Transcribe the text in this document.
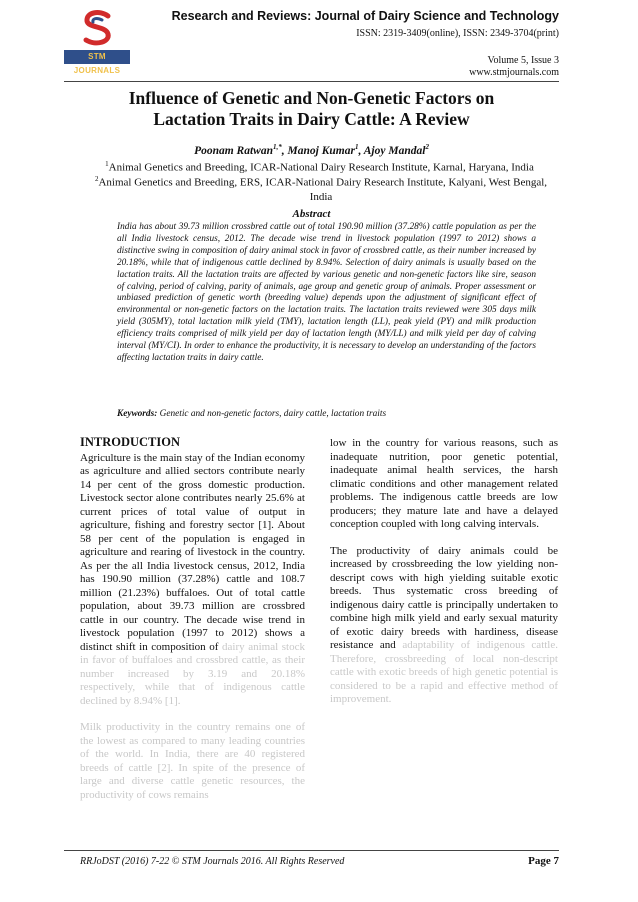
STM JOURNALS
Research and Reviews: Journal of Dairy Science and Technology
ISSN: 2319-3409(online), ISSN: 2349-3704(print)
Volume 5, Issue 3
www.stmjournals.com
Influence of Genetic and Non-Genetic Factors on
Lactation Traits in Dairy Cattle: A Review
Poonam Ratwan$^{1,*}$, Manoj Kumar$^1$, Ajoy Mandal$^2$
$^1$Animal Genetics and Breeding, ICAR-National Dairy Research Institute, Karnal, Haryana, India
$^2$Animal Genetics and Breeding, ERS, ICAR-National Dairy Research Institute, Kalyani, West Bengal, India
Abstract
India has about 39.73 million crossbred cattle out of total 190.90 million (37.28%) cattle population as per the all India livestock census, 2012. The decade wise trend in livestock population (1997 to 2012) shows a distinctive swing in composition of dairy animal stock in favor of crossbred cattle, as their number increased by 20.18%, while that of indigenous cattle declined by 8.94%. Selection of dairy animals is usually based on the lactation traits. All the lactation traits are affected by various genetic and non-genetic factors like sire, season of calving, period of calving, parity of animals, age group and genetic group of animals. Proper assessment or unbiased prediction of genetic worth (breeding value) depends upon the adjustment of significant effect of environmental or non-genetic factors on the lactation traits. The lactation traits reviewed were 305 days milk yield (305MY), total lactation milk yield (TMY), lactation length (LL), peak yield (PY) and milk production efficiency traits comprised of milk yield per day of lactation length (MY/LL) and milk yield per day of calving interval (MY/CI). In order to enhance the productivity, it is necessary to develop an understanding of the factors affecting lactation traits in dairy cattle.
Keywords: Genetic and non-genetic factors, dairy cattle, lactation traits
INTRODUCTION

Agriculture is the main stay of the Indian economy as agriculture and allied sectors contribute nearly 14 per cent of the gross domestic production. Livestock sector alone contributes nearly 25.6% at current prices of total value of output in agriculture, fishing and forestry sector [1]. About 58 per cent of the population is engaged in agriculture and rearing of livestock in the country. As per the all India livestock census, 2012, India has 190.90 million (37.28%) cattle and 108.7 million (21.23%) buffaloes. Out of total cattle population, about 39.73 million are crossbred cattle in our country. The decade wise trend in livestock population (1997 to 2012) shows a distinct shift in composition of dairy animal stock in favor of buffaloes and crossbred cattle, as their number increased by 3.19 and 20.18% respectively, while that of indigenous cattle declined by 8.94% [1].

Milk productivity in the country remains one of the lowest as compared to many leading countries of the world. In India, there are 40 registered breeds of cattle [2]. In spite of the presence of large and diverse cattle genetic resources, the productivity of cows remains

low in the country for various reasons, such as inadequate nutrition, poor genetic potential, inadequate animal health services, the harsh climatic conditions and other management related problems. The indigenous cattle breeds are low producers; they mature late and have a delayed conception coupled with long calving intervals.

The productivity of dairy animals could be increased by crossbreeding the low yielding non-descript cows with high yielding suitable exotic breeds. Thus systematic cross breeding of indigenous dairy cattle is principally undertaken to combine high milk yield and early sexual maturity of exotic dairy breeds with hardiness, disease resistance and adaptability of indigenous cattle. Therefore, crossbreeding of local non-descript cattle with exotic breeds of high genetic potential is considered to be a rapid and effective method of improvement.

RRJoDST (2016) 7-22 © STM Journals 2016. All Rights Reserved	Page 7
